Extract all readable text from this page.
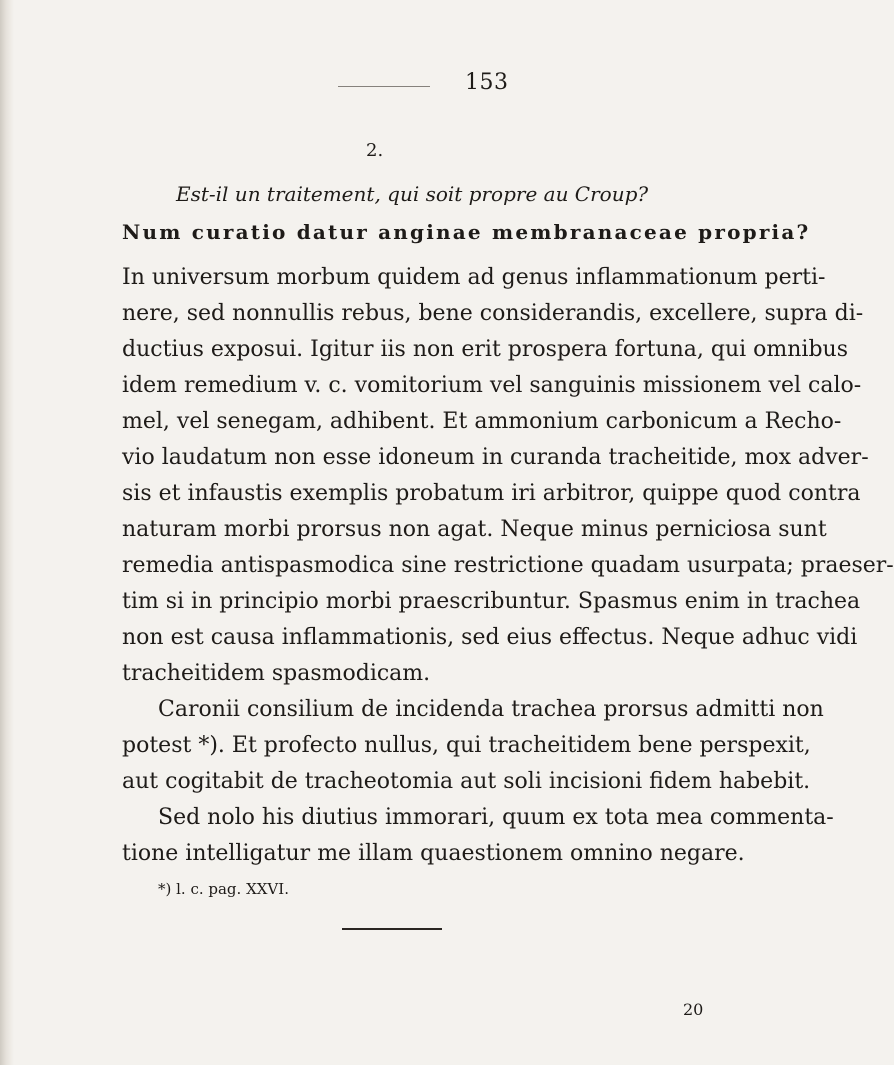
153
2.
Est-il un traitement, qui soit propre au Croup?
Num curatio datur anginae membranaceae propria?
In universum morbum quidem ad genus inflammationum perti-
nere, sed nonnullis rebus, bene considerandis, excellere, supra di-
ductius exposui. Igitur iis non erit prospera fortuna, qui omnibus
idem remedium v. c. vomitorium vel sanguinis missionem vel calo-
mel, vel senegam, adhibent. Et ammonium carbonicum a Recho-
vio laudatum non esse idoneum in curanda tracheitide, mox adver-
sis et infaustis exemplis probatum iri arbitror, quippe quod contra
naturam morbi prorsus non agat. Neque minus perniciosa sunt
remedia antispasmodica sine restrictione quadam usurpata; praeser-
tim si in principio morbi praescribuntur. Spasmus enim in trachea
non est causa inflammationis, sed eius effectus. Neque adhuc vidi
tracheitidem spasmodicam.
Caronii consilium de incidenda trachea prorsus admitti non
potest *). Et profecto nullus, qui tracheitidem bene perspexit,
aut cogitabit de tracheotomia aut soli incisioni fidem habebit.
Sed nolo his diutius immorari, quum ex tota mea commenta-
tione intelligatur me illam quaestionem omnino negare.
*) l. c. pag. XXVI.
20
